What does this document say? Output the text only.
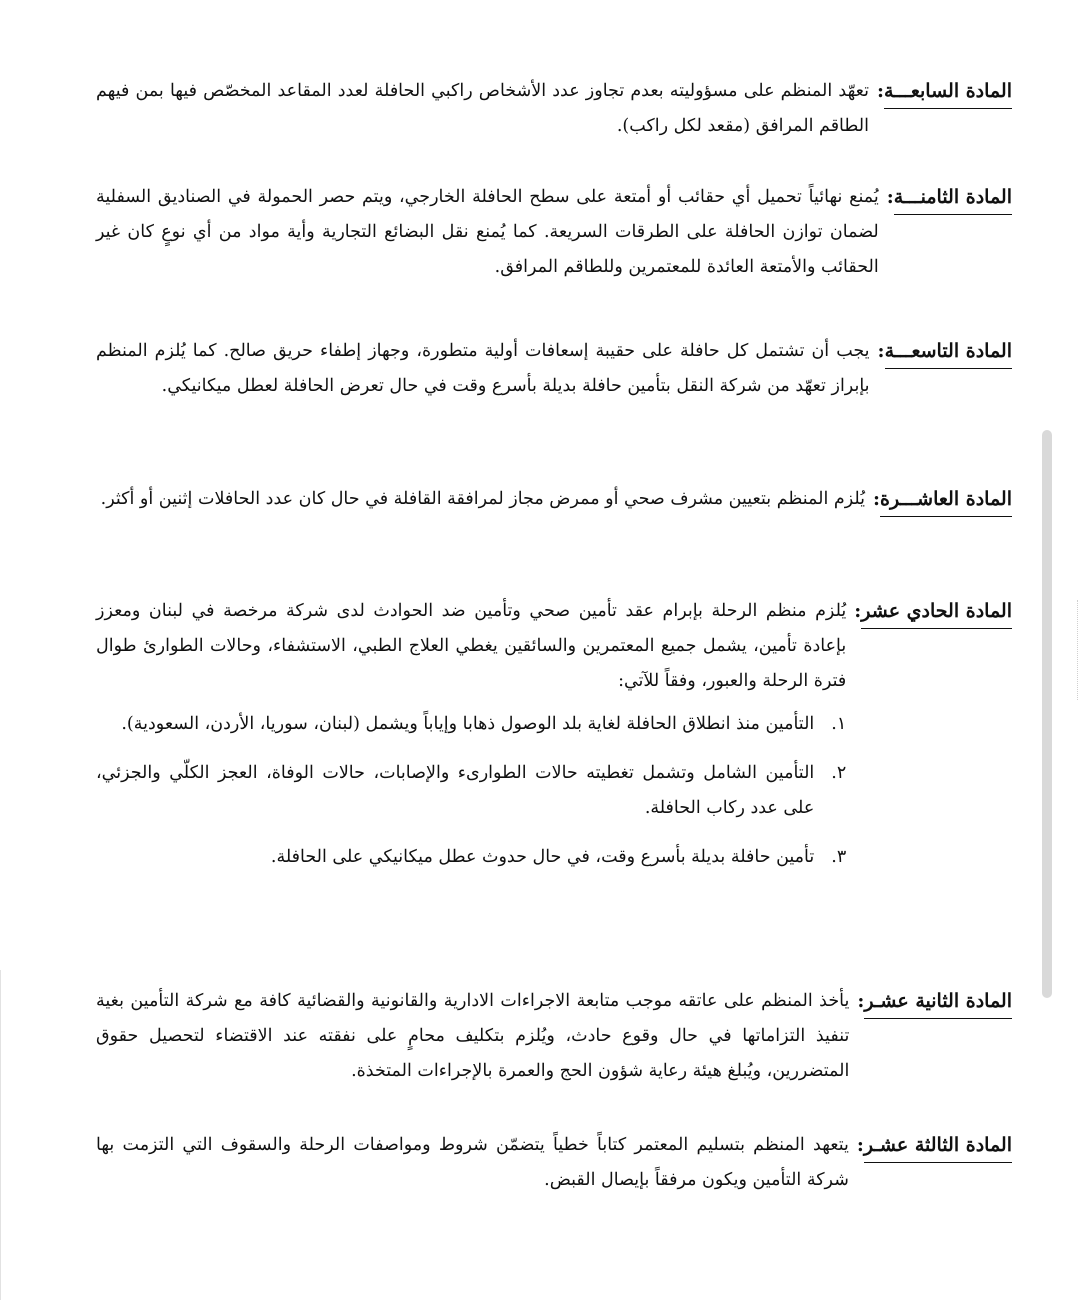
المادة السابعـــة
:
تعهّد المنظم على مسؤوليته بعدم تجاوز عدد الأشخاص راكبي الحافلة لعدد المقاعد المخصّص فيها بمن فيهم الطاقم المرافق (مقعد لكل راكب).
المادة الثامنـــة
:
يُمنع نهائياً تحميل أي حقائب أو أمتعة على سطح الحافلة الخارجي، ويتم حصر الحمولة في الصناديق السفلية لضمان توازن الحافلة على الطرقات السريعة. كما يُمنع نقل البضائع التجارية وأية مواد من أي نوعٍ كان غير الحقائب والأمتعة العائدة للمعتمرين وللطاقم المرافق.
المادة التاسعـــة
:
يجب أن تشتمل كل حافلة على حقيبة إسعافات أولية متطورة، وجهاز إطفاء حريق صالح. كما يُلزم المنظم بإبراز تعهّد من شركة النقل بتأمين حافلة بديلة بأسرع وقت في حال تعرض الحافلة لعطل ميكانيكي.
المادة العاشـــرة
:
يُلزم المنظم بتعيين مشرف صحي أو ممرض مجاز لمرافقة القافلة في حال كان عدد الحافلات إثنين أو أكثر.
المادة الحادي عشر
:
يُلزم منظم الرحلة بإبرام عقد تأمين صحي وتأمين ضد الحوادث لدى شركة مرخصة في لبنان ومعزز بإعادة تأمين، يشمل جميع المعتمرين والسائقين يغطي العلاج الطبي، الاستشفاء، وحالات الطوارئ طوال فترة الرحلة والعبور، وفقاً للآتي:
١.
التأمين منذ انطلاق الحافلة لغاية بلد الوصول ذهابا وإياباً ويشمل (لبنان، سوريا، الأردن، السعودية).
٢.
التأمين الشامل وتشمل تغطيته حالات الطوارىء والإصابات، حالات الوفاة، العجز الكلّي والجزئي، على عدد ركاب الحافلة.
٣.
تأمين حافلة بديلة بأسرع وقت، في حال حدوث عطل ميكانيكي على الحافلة.
المادة الثانية عشـر
:
يأخذ المنظم على عاتقه موجب متابعة الاجراءات الادارية والقانونية والقضائية كافة مع شركة التأمين بغية تنفيذ التزاماتها في حال وقوع حادث، ويُلزم بتكليف محامٍ على نفقته عند الاقتضاء لتحصيل حقوق المتضررين، ويُبلغ هيئة رعاية شؤون الحج والعمرة بالإجراءات المتخذة.
المادة الثالثة عشـر
:
يتعهد المنظم بتسليم المعتمر كتاباً خطياً يتضمّن شروط ومواصفات الرحلة والسقوف التي التزمت بها شركة التأمين ويكون مرفقاً بإيصال القبض.
